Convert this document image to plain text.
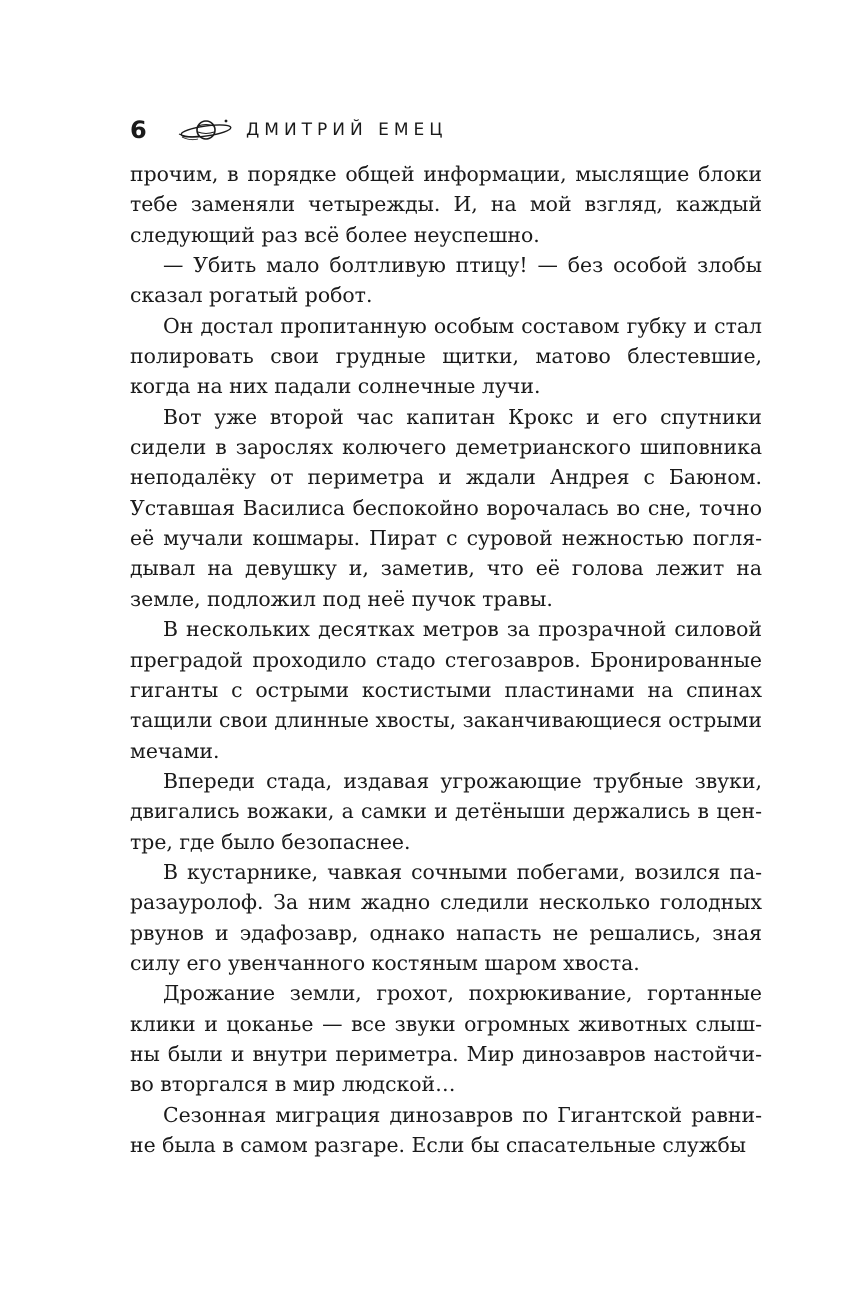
6	ДМИТРИЙ ЕМЕЦ

прочим, в порядке общей информации, мыслящие блоки тебе заменяли четырежды. И, на мой взгляд, каждый следующий раз всё более неуспешно.

— Убить мало болтливую птицу! — без особой злобы сказал рогатый робот.

Он достал пропитанную особым составом губку и стал полировать свои грудные щитки, матово блестевшие, когда на них падали солнечные лучи.

Вот уже второй час капитан Крокс и его спутники сидели в зарослях колючего деметрианского шиповника неподалёку от периметра и ждали Андрея с Баюном. Уставшая Василиса беспокойно ворочалась во сне, точно её мучали кошмары. Пират с суровой нежностью поглядывал на девушку и, заметив, что её голова лежит на земле, подложил под неё пучок травы.

В нескольких десятках метров за прозрачной силовой преградой проходило стадо стегозавров. Бронированные гиганты с острыми костистыми пластинами на спинах тащили свои длинные хвосты, заканчивающиеся острыми мечами.

Впереди стада, издавая угрожающие трубные звуки, двигались вожаки, а самки и детёныши держались в центре, где было безопаснее.

В кустарнике, чавкая сочными побегами, возился паразауролоф. За ним жадно следили несколько голодных рвунов и эдафозавр, однако напасть не решались, зная силу его увенчанного костяным шаром хвоста.

Дрожание земли, грохот, похрюкивание, гортанные клики и цоканье — все звуки огромных животных слышны были и внутри периметра. Мир динозавров настойчиво вторгался в мир людской…

Сезонная миграция динозавров по Гигантской равнине была в самом разгаре. Если бы спасательные службы
